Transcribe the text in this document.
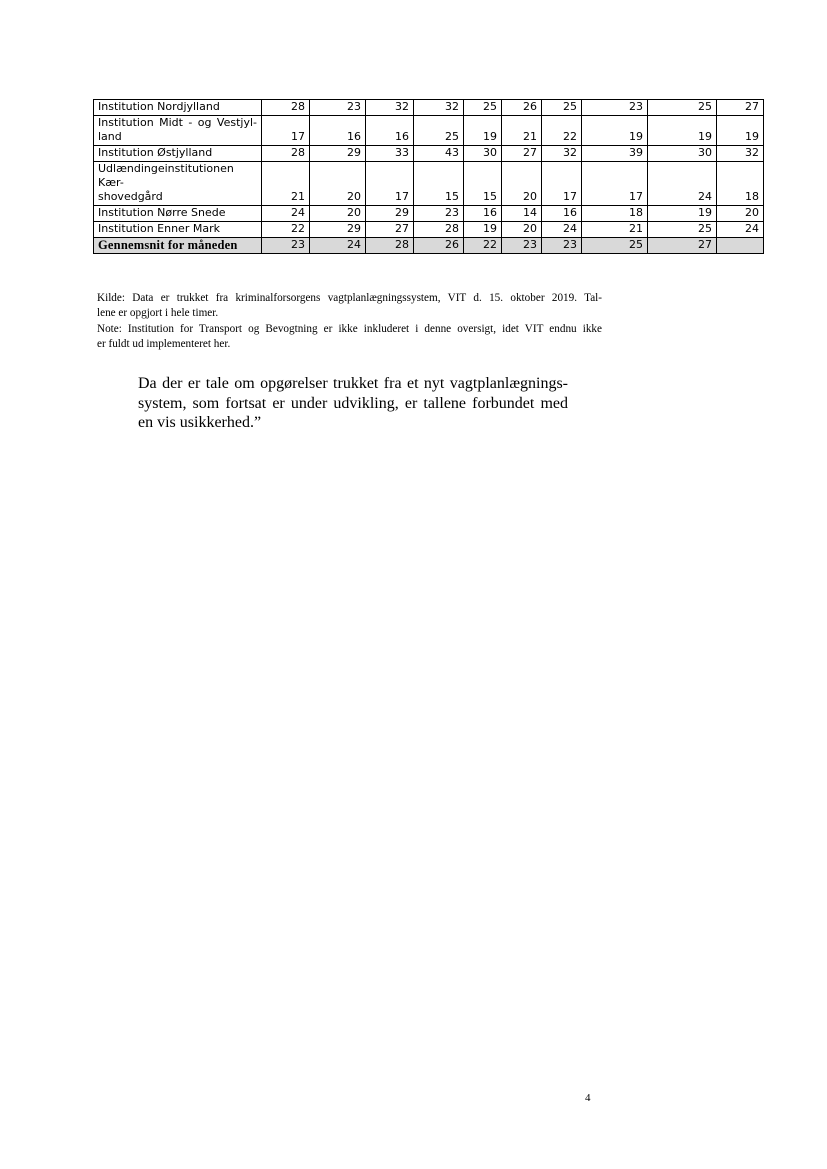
Institution Nordjylland	28	23	32	32	25	26	25	23	25	27

Institution Midt - og Vestjyl-
land	17	16	16	25	19	21	22	19	19	19
Institution Østjylland	28	29	33	43	30	27	32	39	30	32

Udlændingeinstitutionen Kær-
shovedgård	21	20	17	15	15	20	17	17	24	18
Institution Nørre Snede	24	20	29	23	16	14	16	18	19	20
Institution Enner Mark	22	29	27	28	19	20	24	21	25	24
Gennemsnit for måneden	23	24	28	26	22	23	23	25	27	

Kilde: Data er trukket fra kriminalforsorgens vagtplanlægningssystem, VIT d. 15. oktober 2019. Tal-
lene er opgjort i hele timer.

Note: Institution for Transport og Bevogtning er ikke inkluderet i denne oversigt, idet VIT endnu ikke
er fuldt ud implementeret her.

Da der er tale om opgørelser trukket fra et nyt vagtplanlægnings-
system, som fortsat er under udvikling, er tallene forbundet med
en vis usikkerhed.”

4
